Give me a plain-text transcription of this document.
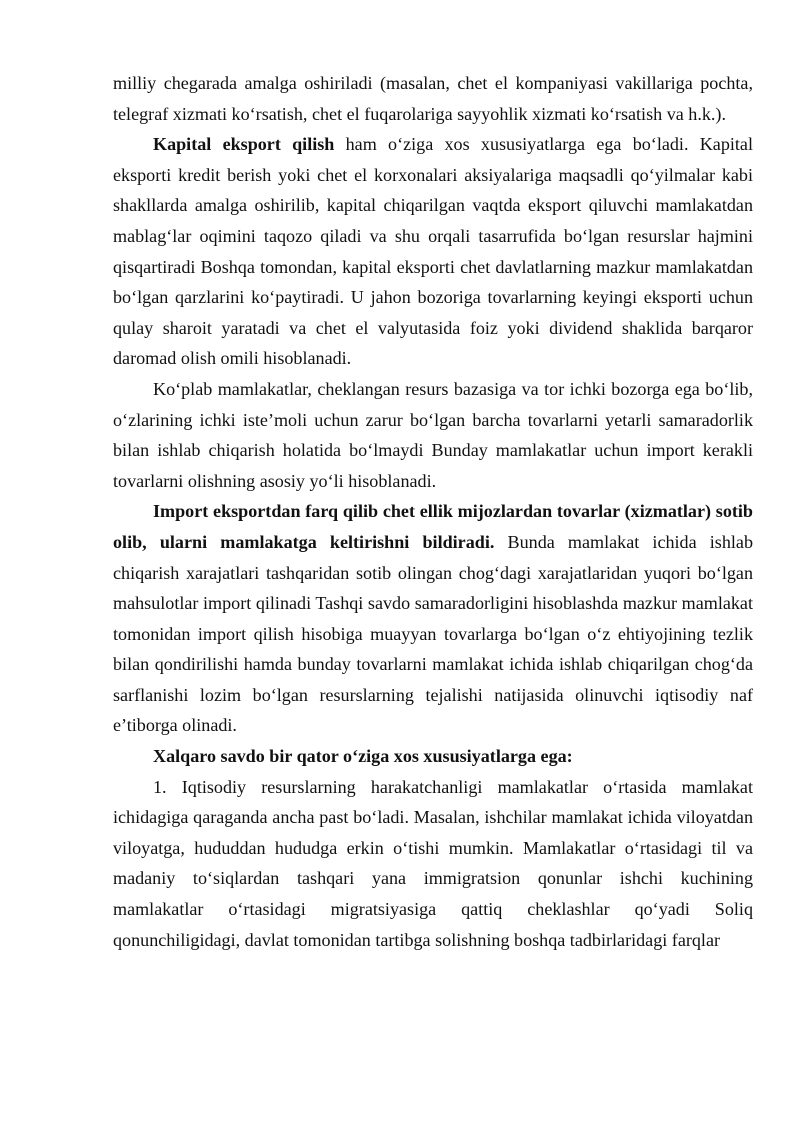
milliy chegarada amalga oshiriladi (masalan, chet el kompaniyasi vakillariga pochta, telegraf xizmati ko‘rsatish, chet el fuqarolariga sayyohlik xizmati ko‘rsatish va h.k.).

Kapital eksport qilish ham o‘ziga xos xususiyatlarga ega bo‘ladi. Kapital eksporti kredit berish yoki chet el korxonalari aksiyalariga maqsadli qo‘yilmalar kabi shakllarda amalga oshirilib, kapital chiqarilgan vaqtda eksport qiluvchi mamlakatdan mablag‘lar oqimini taqozo qiladi va shu orqali tasarrufida bo‘lgan resurslar hajmini qisqartiradi Boshqa tomondan, kapital eksporti chet davlatlarning mazkur mamlakatdan bo‘lgan qarzlarini ko‘paytiradi. U jahon bozoriga tovarlarning keyingi eksporti uchun qulay sharoit yaratadi va chet el valyutasida foiz yoki dividend shaklida barqaror daromad olish omili hisoblanadi.

Ko‘plab mamlakatlar, cheklangan resurs bazasiga va tor ichki bozorga ega bo‘lib, o‘zlarining ichki iste’moli uchun zarur bo‘lgan barcha tovarlarni yetarli samaradorlik bilan ishlab chiqarish holatida bo‘lmaydi Bunday mamlakatlar uchun import kerakli tovarlarni olishning asosiy yo‘li hisoblanadi.

Import eksportdan farq qilib chet ellik mijozlardan tovarlar (xizmatlar) sotib olib, ularni mamlakatga keltirishni bildiradi. Bunda mamlakat ichida ishlab chiqarish xarajatlari tashqaridan sotib olingan chog‘dagi xarajatlaridan yuqori bo‘lgan mahsulotlar import qilinadi Tashqi savdo samaradorligini hisoblashda mazkur mamlakat tomonidan import qilish hisobiga muayyan tovarlarga bo‘lgan o‘z ehtiyojining tezlik bilan qondirilishi hamda bunday tovarlarni mamlakat ichida ishlab chiqarilgan chog‘da sarflanishi lozim bo‘lgan resurslarning tejalishi natijasida olinuvchi iqtisodiy naf e’tiborga olinadi.

Xalqaro savdo bir qator o‘ziga xos xususiyatlarga ega:

1. Iqtisodiy resurslarning harakatchanligi mamlakatlar o‘rtasida mamlakat ichidagiga qaraganda ancha past bo‘ladi. Masalan, ishchilar mamlakat ichida viloyatdan viloyatga, hududdan hududga erkin o‘tishi mumkin. Mamlakatlar o‘rtasidagi til va madaniy to‘siqlardan tashqari yana immigratsion qonunlar ishchi kuchining mamlakatlar o‘rtasidagi migratsiyasiga qattiq cheklashlar qo‘yadi Soliq qonunchiligidagi, davlat tomonidan tartibga solishning boshqa tadbirlaridagi farqlar
